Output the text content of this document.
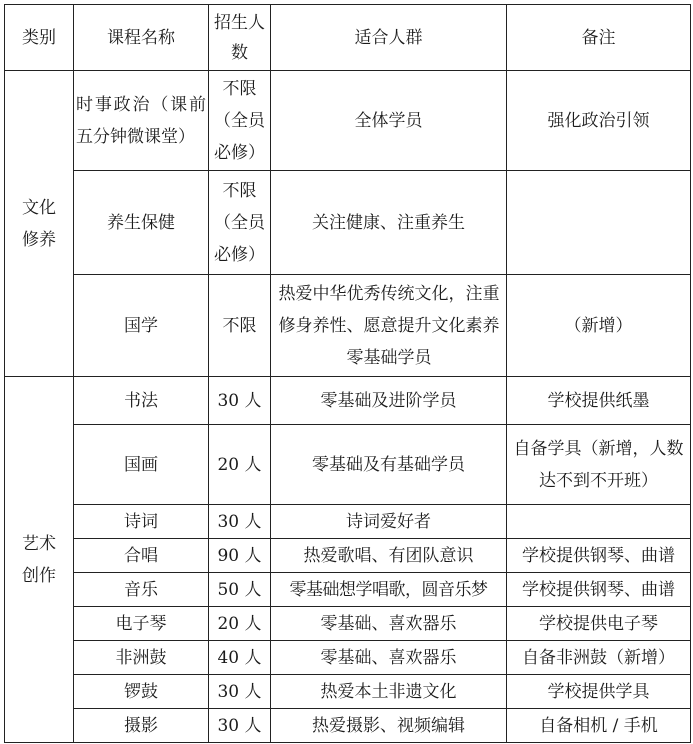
类别	课程名称	招生人数	适合人群	备注
文化修养	时事政治（课前五分钟微课堂）	不限（全员必修）	全体学员	强化政治引领
	养生保健	不限（全员必修）	关注健康、注重养生	
	国学	不限	热爱中华优秀传统文化，注重修身养性、愿意提升文化素养零基础学员	（新增）
艺术创作	书法	30 人	零基础及进阶学员	学校提供纸墨
	国画	20 人	零基础及有基础学员	自备学具（新增，人数达不到不开班）
	诗词	30 人	诗词爱好者	
	合唱	90 人	热爱歌唱、有团队意识	学校提供钢琴、曲谱
	音乐	50 人	零基础想学唱歌，圆音乐梦	学校提供钢琴、曲谱
	电子琴	20 人	零基础、喜欢器乐	学校提供电子琴
	非洲鼓	40 人	零基础、喜欢器乐	自备非洲鼓（新增）
	锣鼓	30 人	热爱本土非遗文化	学校提供学具
	摄影	30 人	热爱摄影、视频编辑	自备相机 / 手机
